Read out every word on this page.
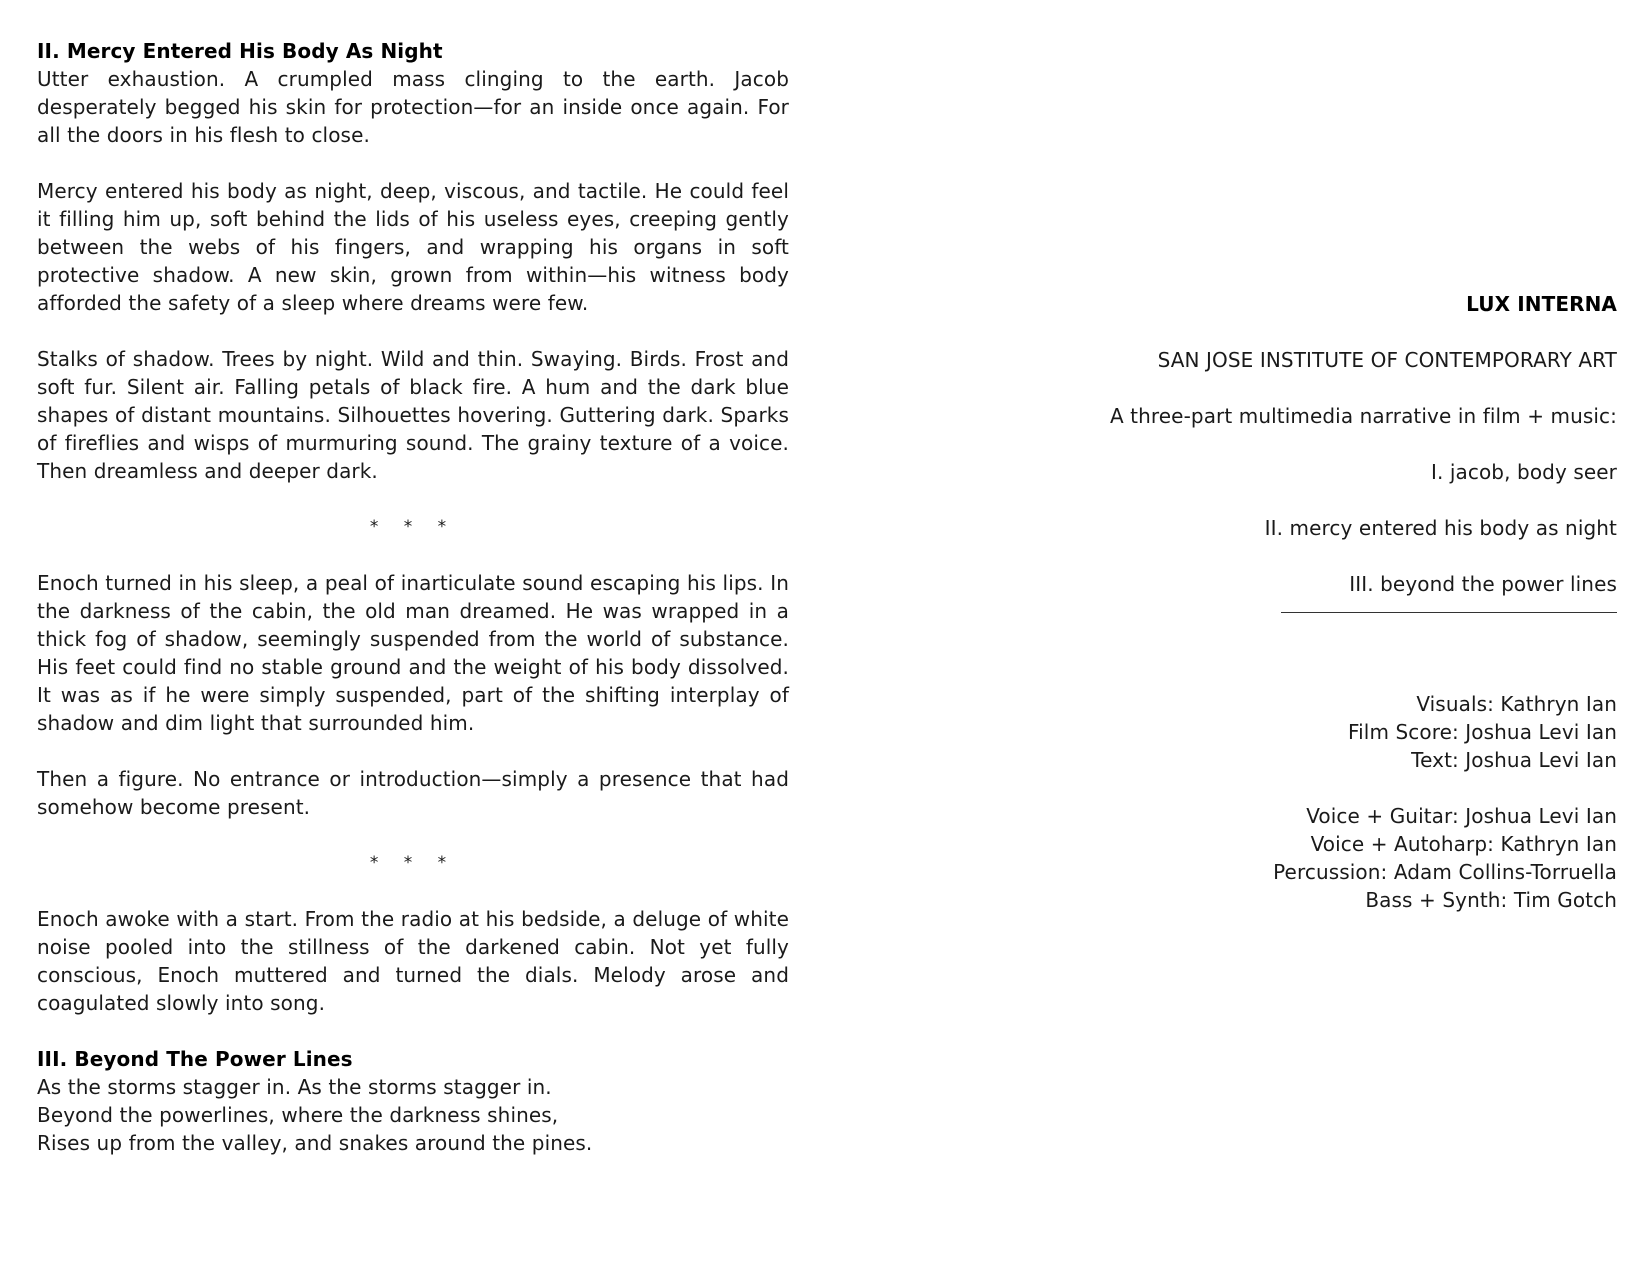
II. Mercy Entered His Body As Night

Utter exhaustion. A crumpled mass clinging to the earth. Jacob desperately begged his skin for protection—for an inside once again. For all the doors in his flesh to close.

Mercy entered his body as night, deep, viscous, and tactile. He could feel it filling him up, soft behind the lids of his useless eyes, creeping gently between the webs of his fingers, and wrapping his organs in soft protective shadow. A new skin, grown from within—his witness body afforded the safety of a sleep where dreams were few.

Stalks of shadow. Trees by night. Wild and thin. Swaying. Birds. Frost and soft fur. Silent air. Falling petals of black fire. A hum and the dark blue shapes of distant mountains. Silhouettes hovering. Guttering dark. Sparks of fireflies and wisps of murmuring sound. The grainy texture of a voice. Then dreamless and deeper dark.

* * *

Enoch turned in his sleep, a peal of inarticulate sound escaping his lips. In the darkness of the cabin, the old man dreamed. He was wrapped in a thick fog of shadow, seemingly suspended from the world of substance. His feet could find no stable ground and the weight of his body dissolved. It was as if he were simply suspended, part of the shifting interplay of shadow and dim light that surrounded him.

Then a figure. No entrance or introduction—simply a presence that had somehow become present.

* * *

Enoch awoke with a start. From the radio at his bedside, a deluge of white noise pooled into the stillness of the darkened cabin. Not yet fully conscious, Enoch muttered and turned the dials. Melody arose and coagulated slowly into song.

III. Beyond The Power Lines
As the storms stagger in. As the storms stagger in.
Beyond the powerlines, where the darkness shines,
Rises up from the valley, and snakes around the pines.
LUX INTERNA
SAN JOSE INSTITUTE OF CONTEMPORARY ART
A three-part multimedia narrative in film + music:
I. jacob, body seer
II. mercy entered his body as night
III. beyond the power lines
Visuals: Kathryn Ian
Film Score: Joshua Levi Ian
Text: Joshua Levi Ian
Voice + Guitar: Joshua Levi Ian
Voice + Autoharp: Kathryn Ian
Percussion: Adam Collins-Torruella
Bass + Synth: Tim Gotch
